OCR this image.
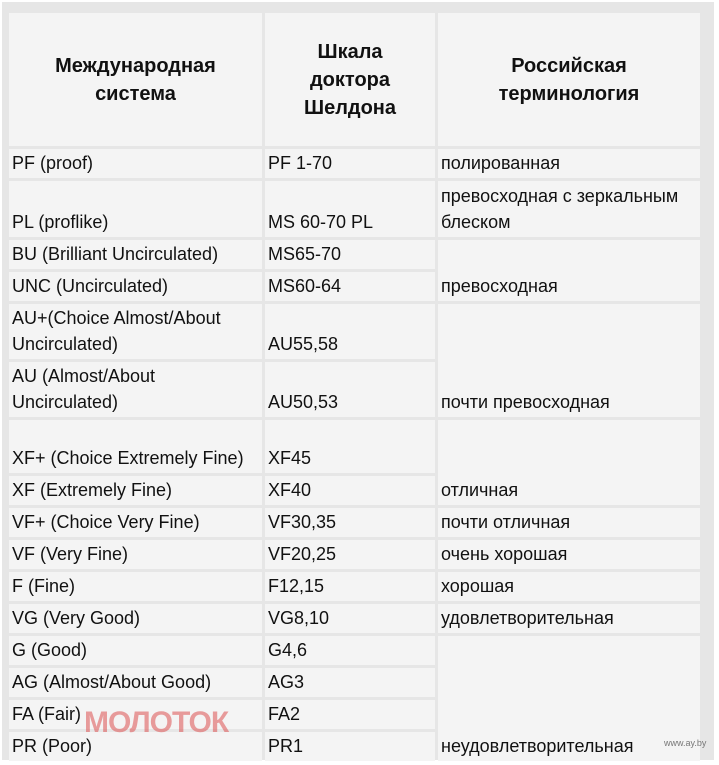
Международная система	Шкала доктора Шелдона	Российская терминология
PF (proof)	PF 1-70	полированная
PL (proflike)	MS 60-70 PL	превосходная с зеркальным блеском
BU (Brilliant Uncirculated)	MS65-70	превосходная
UNC (Uncirculated)	MS60-64	
AU+(Choice Almost/About Uncirculated)	AU55,58	почти превосходная
AU (Almost/About Uncirculated)	AU50,53	
XF+ (Choice Extremely Fine)	XF45	отличная
XF (Extremely Fine)	XF40	
VF+ (Choice Very Fine)	VF30,35	почти отличная
VF (Very Fine)	VF20,25	очень хорошая
F (Fine)	F12,15	хорошая
VG (Very Good)	VG8,10	удовлетворительная
G (Good)	G4,6	неудовлетворительная
AG (Almost/About Good)	AG3	
FA (Fair)	FA2	
PR (Poor)	PR1	
МОЛОТОК
www.ay.by
